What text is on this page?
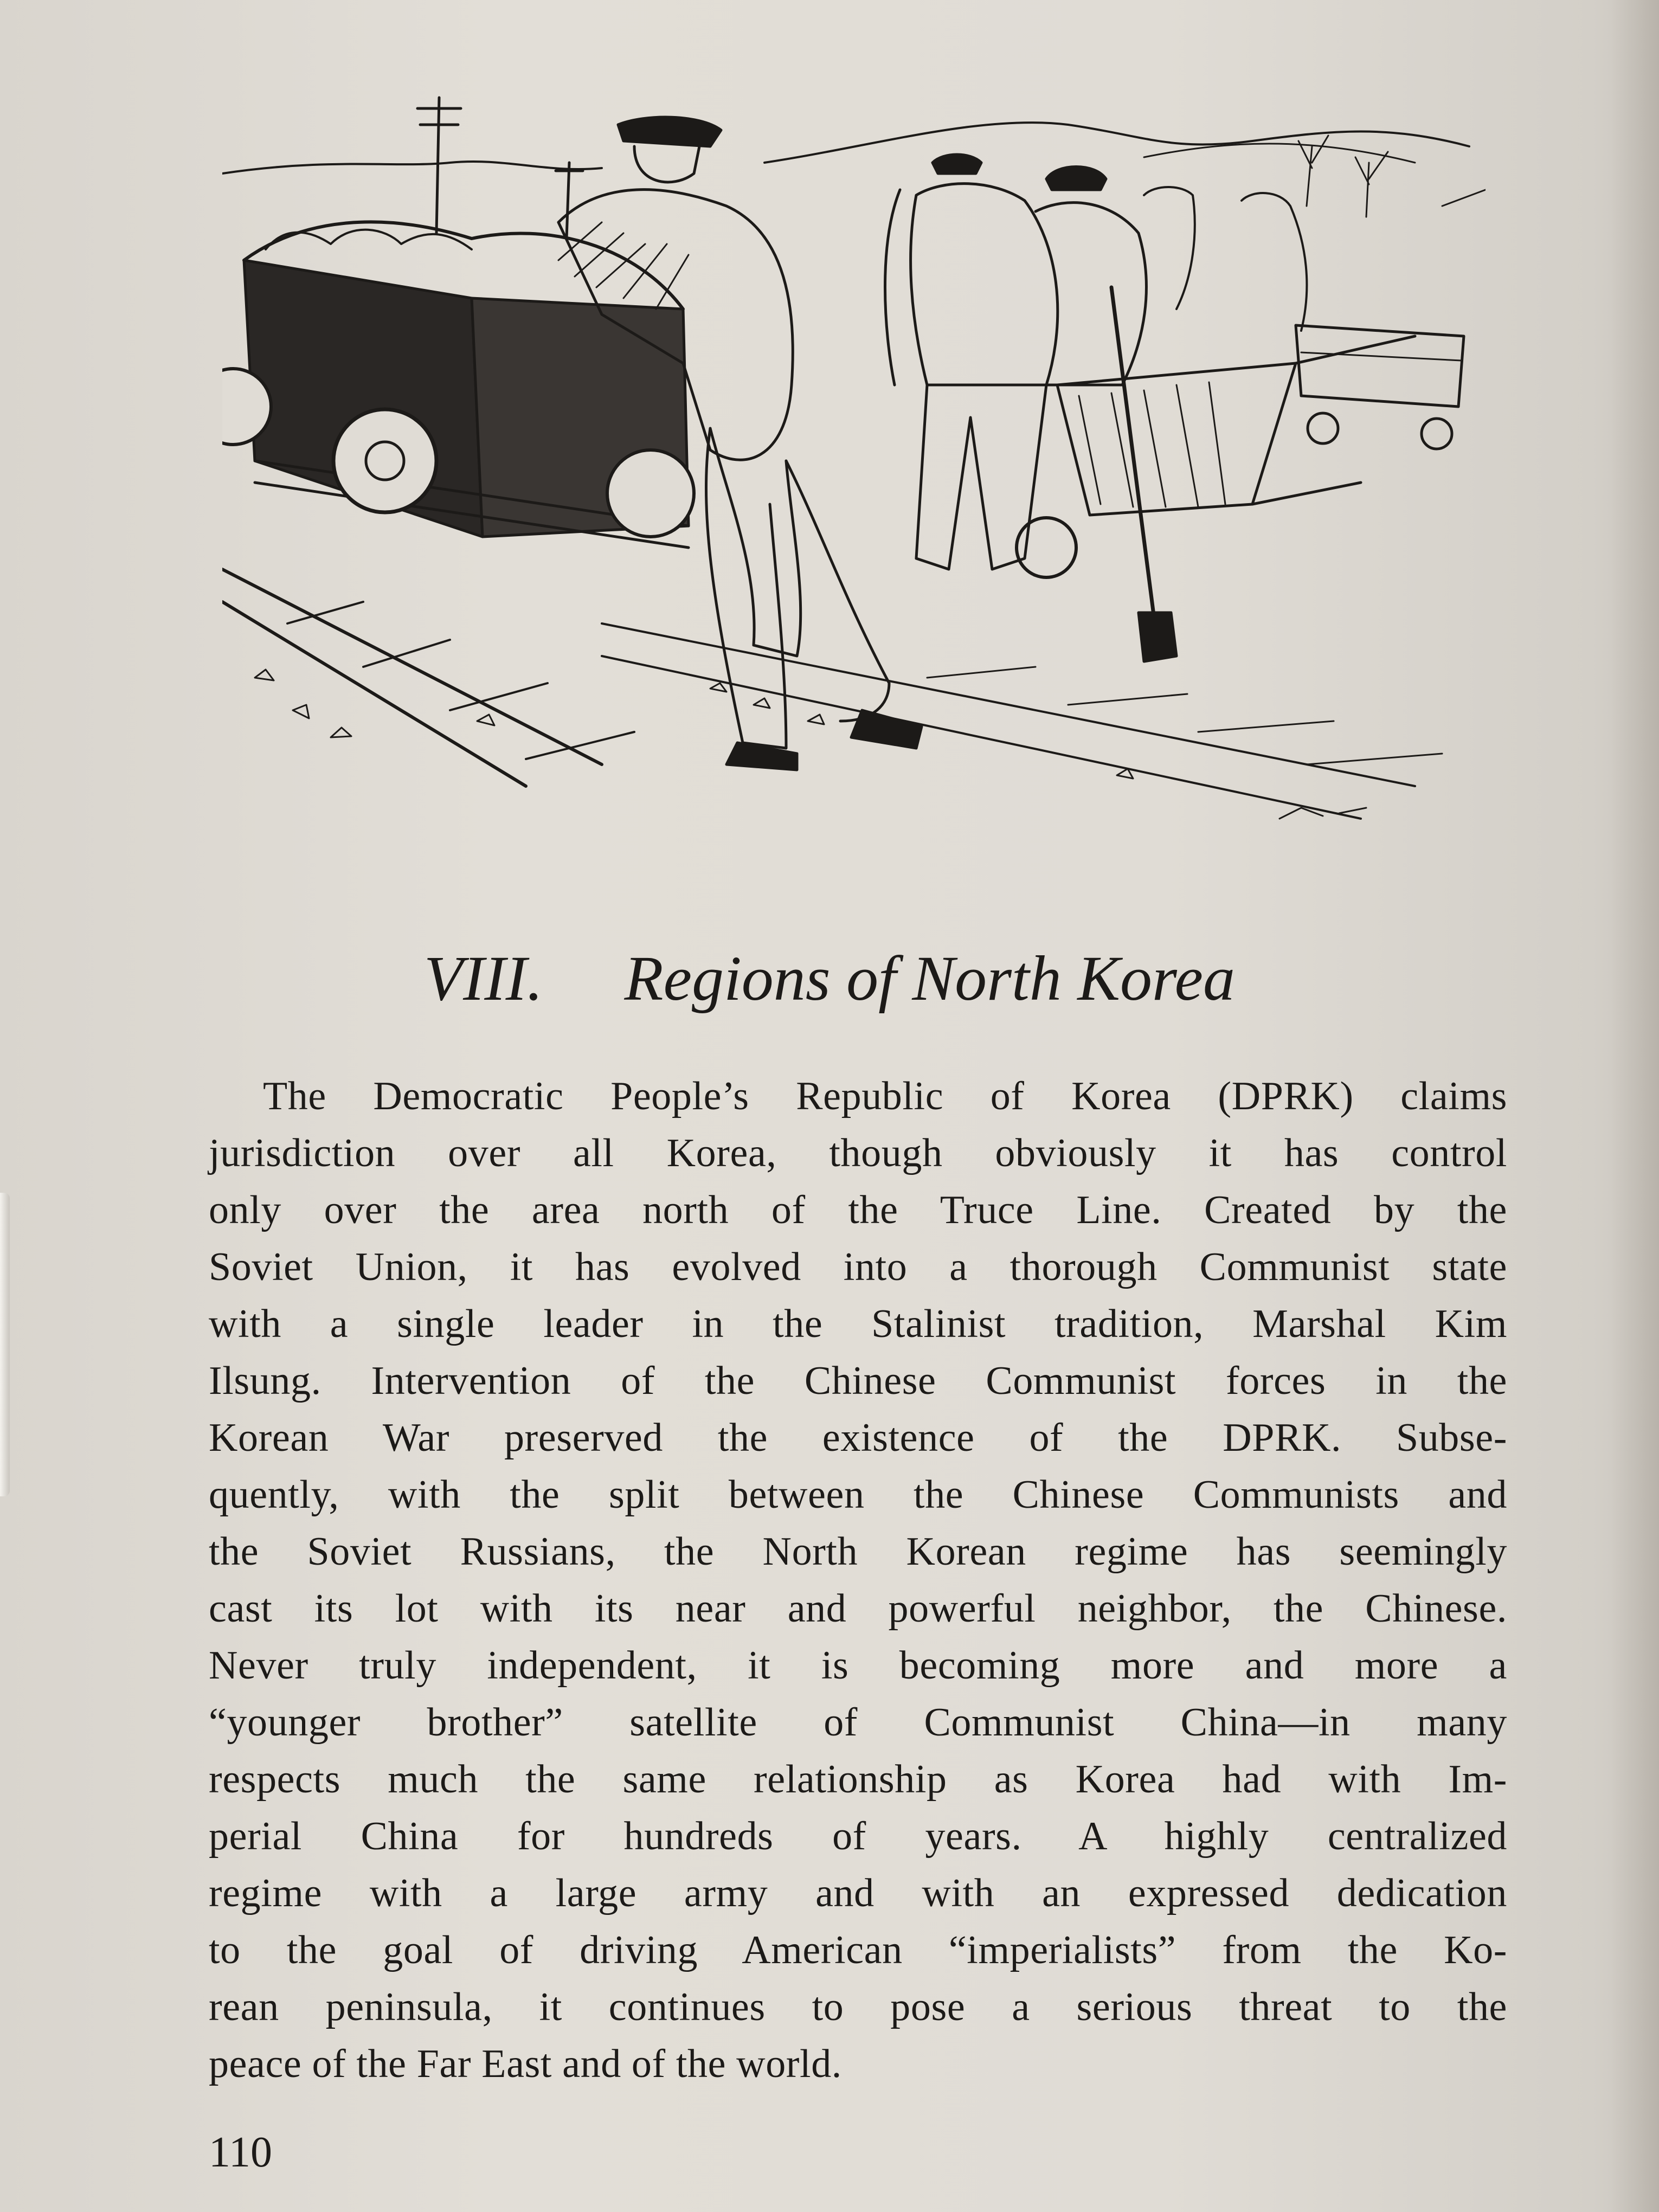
VIII. Regions of North Korea
The Democratic People’s Republic of Korea (DPRK) claims
jurisdiction over all Korea, though obviously it has control
only over the area north of the Truce Line. Created by the
Soviet Union, it has evolved into a thorough Communist state
with a single leader in the Stalinist tradition, Marshal Kim
Ilsung. Intervention of the Chinese Communist forces in the
Korean War preserved the existence of the DPRK. Subse-
quently, with the split between the Chinese Communists and
the Soviet Russians, the North Korean regime has seemingly
cast its lot with its near and powerful neighbor, the Chinese.
Never truly independent, it is becoming more and more a
“younger brother” satellite of Communist China—in many
respects much the same relationship as Korea had with Im-
perial China for hundreds of years. A highly centralized
regime with a large army and with an expressed dedication
to the goal of driving American “imperialists” from the Ko-
rean peninsula, it continues to pose a serious threat to the
peace of the Far East and of the world.
110
